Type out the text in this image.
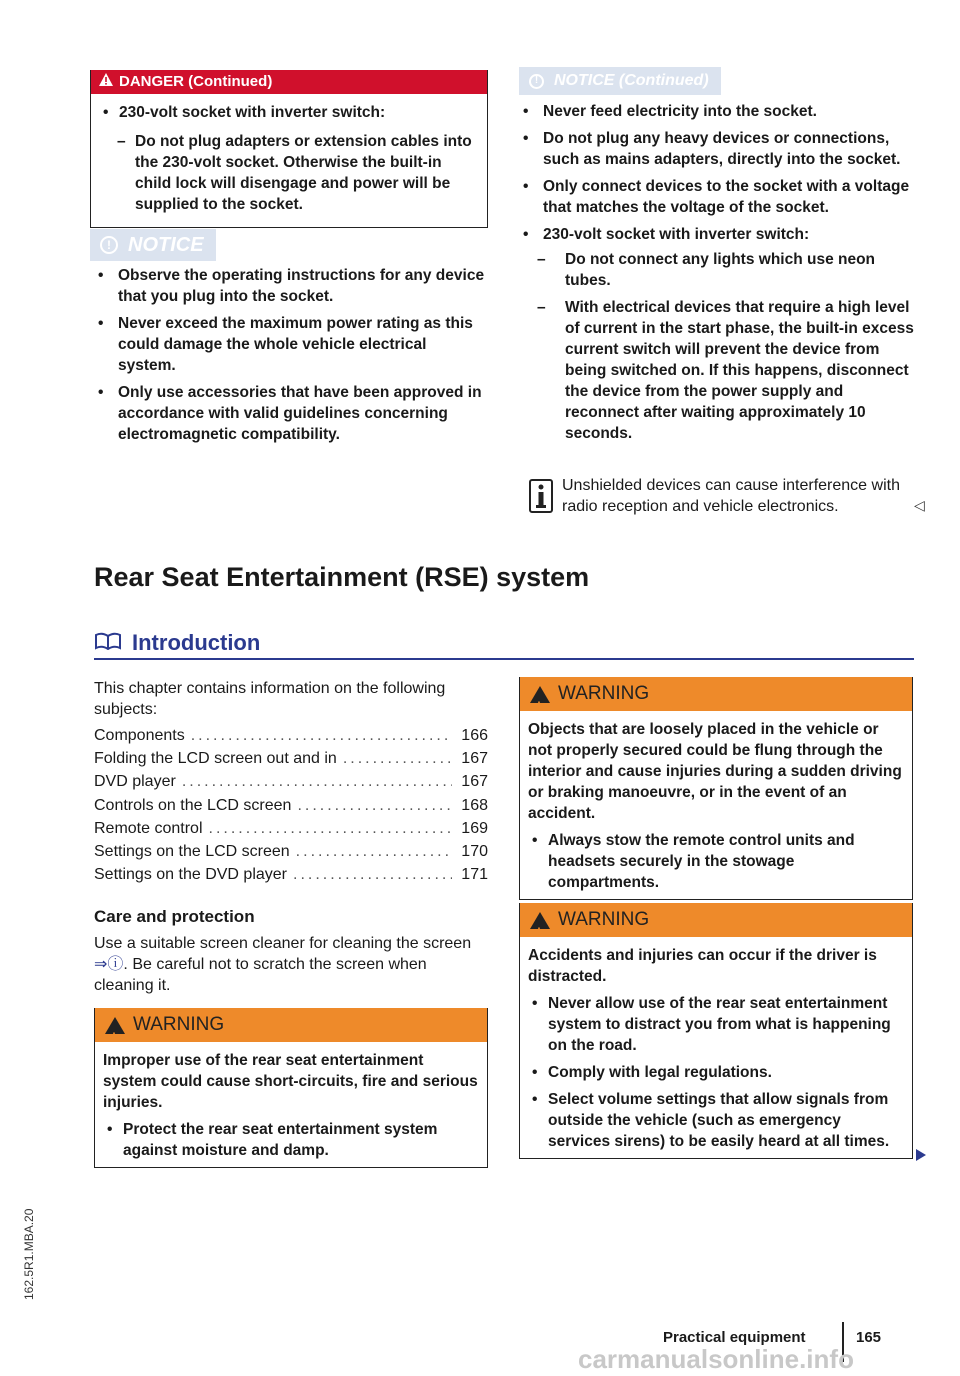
DANGER (Continued)
• 230-volt socket with inverter switch:
– Do not plug adapters or extension cables into the 230-volt socket. Otherwise the built-in child lock will disengage and power will be supplied to the socket.
! NOTICE
• Observe the operating instructions for any device that you plug into the socket.
• Never exceed the maximum power rating as this could damage the whole vehicle electrical system.
• Only use accessories that have been approved in accordance with valid guidelines concerning electromagnetic compatibility.
! NOTICE (Continued)
• Never feed electricity into the socket.
• Do not plug any heavy devices or connections, such as mains adapters, directly into the socket.
• Only connect devices to the socket with a voltage that matches the voltage of the socket.
• 230-volt socket with inverter switch:
– Do not connect any lights which use neon tubes.
– With electrical devices that require a high level of current in the start phase, the built-in excess current switch will prevent the device from being switched on. If this happens, disconnect the device from the power supply and reconnect after waiting approximately 10 seconds.
Unshielded devices can cause interference with radio reception and vehicle electronics.	◁
Rear Seat Entertainment (RSE) system
Introduction
This chapter contains information on the following subjects:
Components .....	166
Folding the LCD screen out and in .....	167
DVD player .....	167
Controls on the LCD screen .....	168
Remote control .....	169
Settings on the LCD screen .....	170
Settings on the DVD player .....	171
Care and protection
Use a suitable screen cleaner for cleaning the screen ⇒ⓘ. Be careful not to scratch the screen when cleaning it.
!
WARNING
Improper use of the rear seat entertainment system could cause short-circuits, fire and serious injuries.
• Protect the rear seat entertainment system against moisture and damp.
!
WARNING
Objects that are loosely placed in the vehicle or not properly secured could be flung through the interior and cause injuries during a sudden driving or braking manoeuvre, or in the event of an accident.
• Always stow the remote control units and headsets securely in the stowage compartments.
!
WARNING
Accidents and injuries can occur if the driver is distracted.
• Never allow use of the rear seat entertainment system to distract you from what is happening on the road.
• Comply with legal regulations.
• Select volume settings that allow signals from outside the vehicle (such as emergency services sirens) to be easily heard at all times.
162.5R1.MBA.20
Practical equipment	165
carmanualsonline.info
